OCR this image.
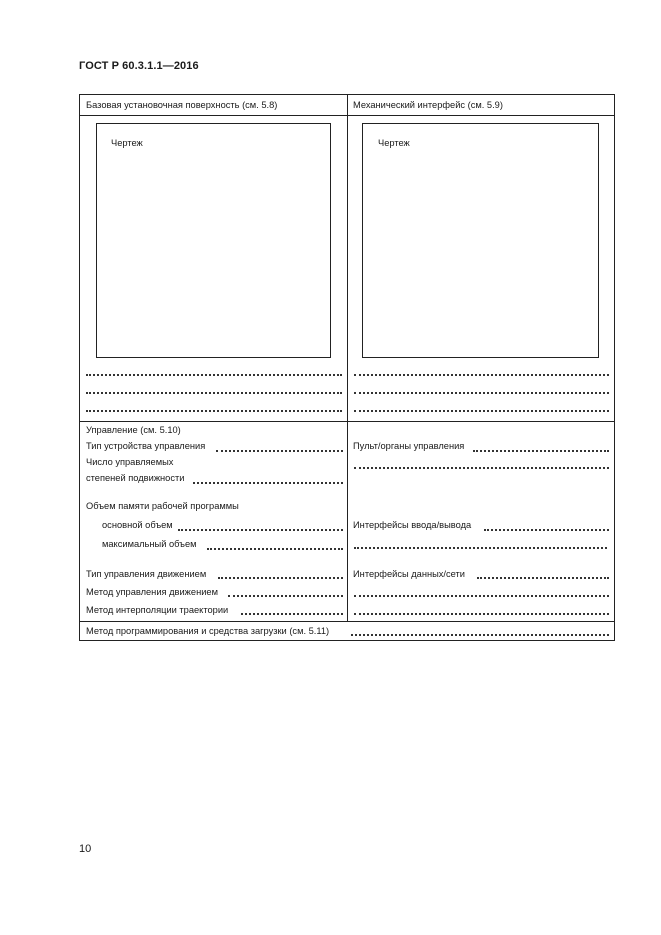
ГОСТ Р 60.3.1.1—2016
Базовая установочная поверхность (см. 5.8)	Механический интерфейс (см. 5.9)
Чертеж	Чертеж
Управление (см. 5.10)
Тип устройства управления
Число управляемых
степеней подвижности
Объем памяти рабочей программы
основной объем
максимальный объем
Тип управления движением
Метод управления движением
Метод интерполяции траектории
Пульт/органы управления
Интерфейсы ввода/вывода
Интерфейсы данных/сети
Метод программирования и средства загрузки (см. 5.11)
10
